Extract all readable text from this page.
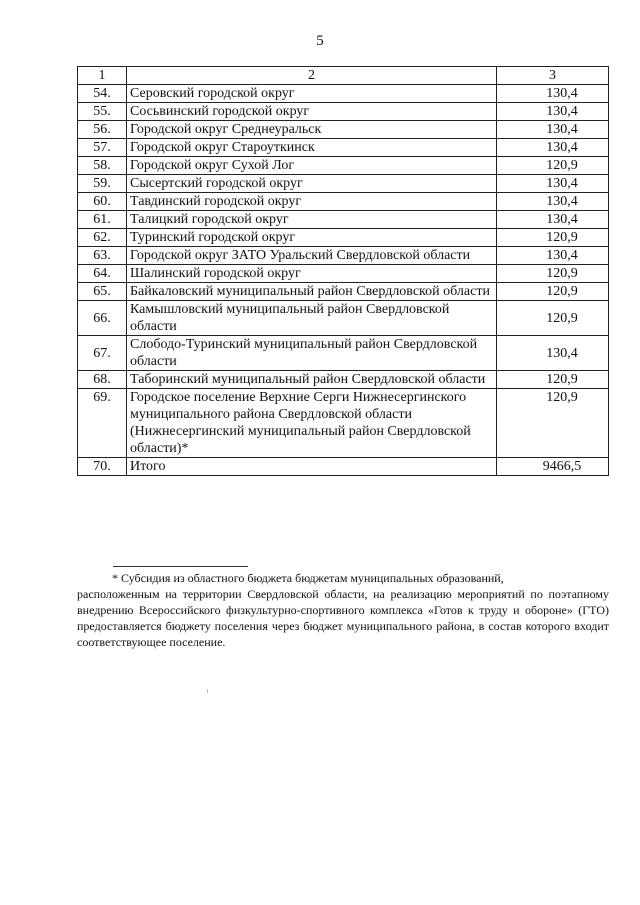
5
1	2	3
54.	Серовский городской округ	130,4
55.	Сосьвинский городской округ	130,4
56.	Городской округ Среднеуральск	130,4
57.	Городской округ Староуткинск	130,4
58.	Городской округ Сухой Лог	120,9
59.	Сысертский городской округ	130,4
60.	Тавдинский городской округ	130,4
61.	Талицкий городской округ	130,4
62.	Туринский городской округ	120,9
63.	Городской округ ЗАТО Уральский Свердловской области	130,4
64.	Шалинский городской округ	120,9
65.	Байкаловский муниципальный район Свердловской области	120,9
66.	Камышловский муниципальный район Свердловской области	120,9
67.	Слободо-Туринский муниципальный район Свердловской области	130,4
68.	Таборинский муниципальный район Свердловской области	120,9
69.	Городское поселение Верхние Серги Нижнесергинского муниципального района Свердловской области (Нижнесергинский муниципальный район Свердловской области)*	120,9
70.	Итого	9466,5
* Субсидия из областного бюджета бюджетам муниципальных образований,
расположенным на территории Свердловской области, на реализацию мероприятий по поэтапному внедрению Всероссийского физкультурно-спортивного комплекса «Готов к труду и обороне» (ГТО) предоставляется бюджету поселения через бюджет муниципального района, в состав которого входит соответствующее поселение.
